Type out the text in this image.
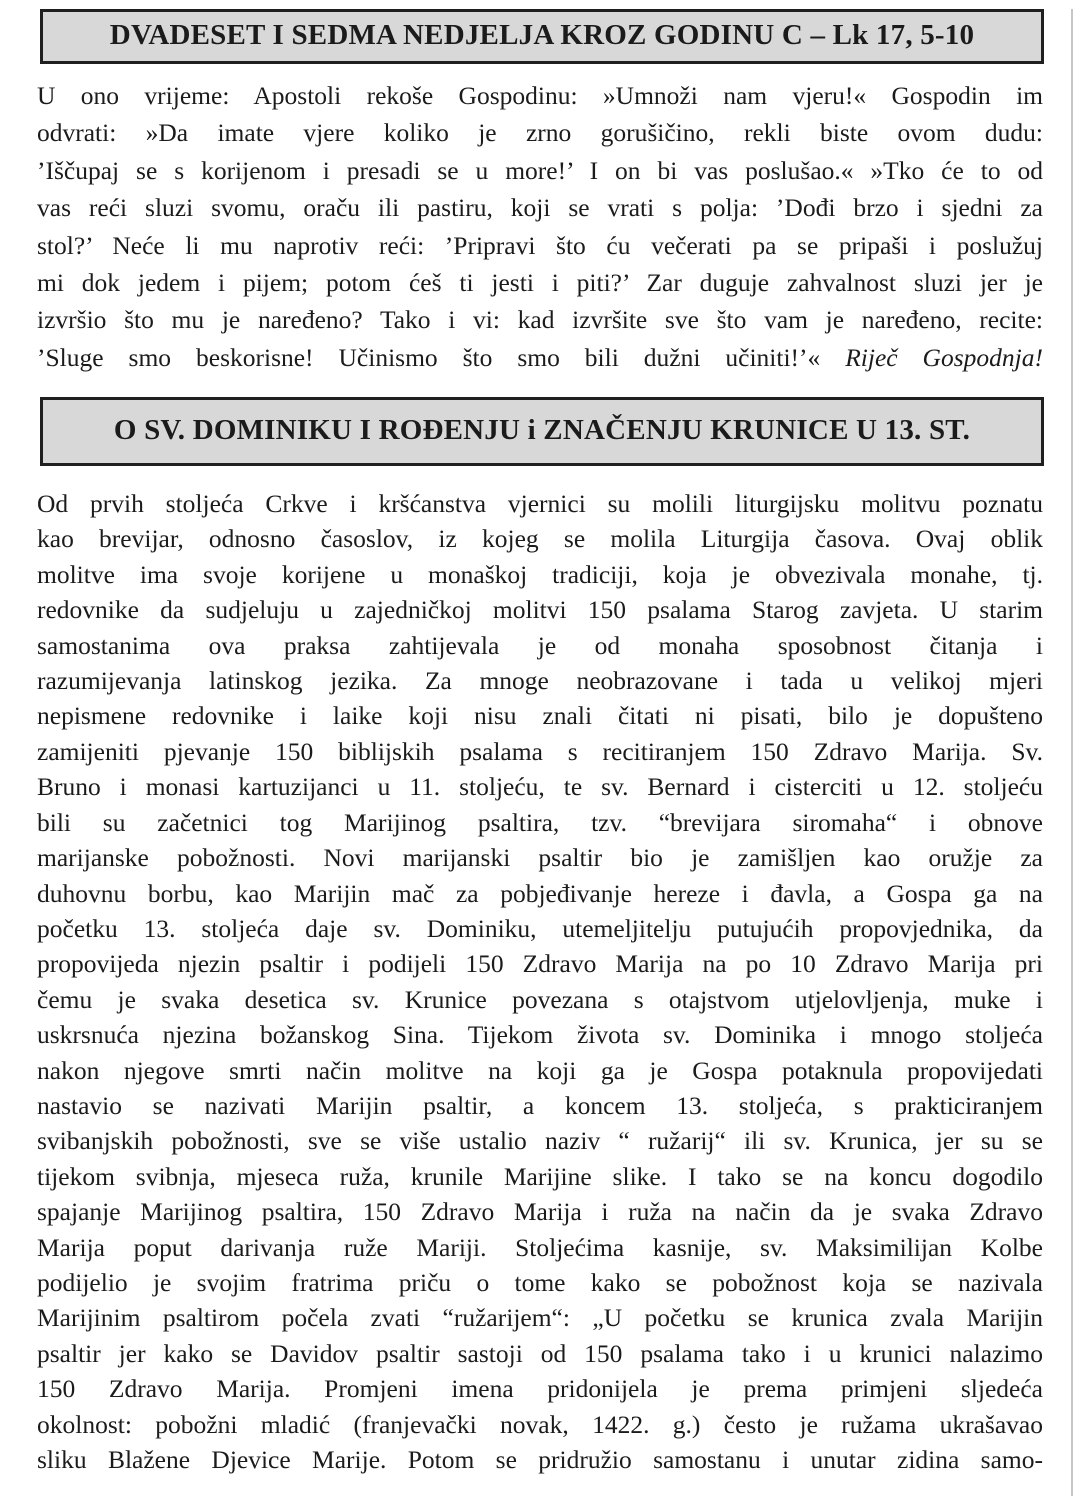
DVADESET I SEDMA NEDJELJA KROZ GODINU C – Lk 17, 5-10
U ono vrijeme: Apostoli rekoše Gospodinu: »Umnoži nam vjeru!« Gospodin im
odvrati: »Da imate vjere koliko je zrno gorušičino, rekli biste ovom dudu:
’Iščupaj se s korijenom i presadi se u more!’ I on bi vas poslušao.« »Tko će to od
vas reći sluzi svomu, oraču ili pastiru, koji se vrati s polja: ’Dođi brzo i sjedni za
stol?’ Neće li mu naprotiv reći: ’Pripravi što ću večerati pa se pripaši i poslužuj
mi dok jedem i pijem; potom ćeš ti jesti i piti?’ Zar duguje zahvalnost sluzi jer je
izvršio što mu je naređeno? Tako i vi: kad izvršite sve što vam je naređeno, recite:
’Sluge smo beskorisne! Učinismo što smo bili dužni učiniti!’« Riječ Gospodnja!
O SV. DOMINIKU I ROĐENJU i ZNAČENJU KRUNICE U 13. ST.
Od prvih stoljeća Crkve i kršćanstva vjernici su molili liturgijsku molitvu poznatu
kao brevijar, odnosno časoslov, iz kojeg se molila Liturgija časova. Ovaj oblik
molitve ima svoje korijene u monaškoj tradiciji, koja je obvezivala monahe, tj.
redovnike da sudjeluju u zajedničkoj molitvi 150 psalama Starog zavjeta. U starim
samostanima ova praksa zahtijevala je od monaha sposobnost čitanja i
razumijevanja latinskog jezika. Za mnoge neobrazovane i tada u velikoj mjeri
nepismene redovnike i laike koji nisu znali čitati ni pisati, bilo je dopušteno
zamijeniti pjevanje 150 biblijskih psalama s recitiranjem 150 Zdravo Marija. Sv.
Bruno i monasi kartuzijanci u 11. stoljeću, te sv. Bernard i cisterciti u 12. stoljeću
bili su začetnici tog Marijinog psaltira, tzv. “brevijara siromaha“ i obnove
marijanske pobožnosti. Novi marijanski psaltir bio je zamišljen kao oružje za
duhovnu borbu, kao Marijin mač za pobjeđivanje hereze i đavla, a Gospa ga na
početku 13. stoljeća daje sv. Dominiku, utemeljitelju putujućih propovjednika, da
propovijeda njezin psaltir i podijeli 150 Zdravo Marija na po 10 Zdravo Marija pri
čemu je svaka desetica sv. Krunice povezana s otajstvom utjelovljenja, muke i
uskrsnuća njezina božanskog Sina. Tijekom života sv. Dominika i mnogo stoljeća
nakon njegove smrti način molitve na koji ga je Gospa potaknula propovijedati
nastavio se nazivati Marijin psaltir, a koncem 13. stoljeća, s prakticiranjem
svibanjskih pobožnosti, sve se više ustalio naziv “ ružarij“ ili sv. Krunica, jer su se
tijekom svibnja, mjeseca ruža, krunile Marijine slike. I tako se na koncu dogodilo
spajanje Marijinog psaltira, 150 Zdravo Marija i ruža na način da je svaka Zdravo
Marija poput darivanja ruže Mariji. Stoljećima kasnije, sv. Maksimilijan Kolbe
podijelio je svojim fratrima priču o tome kako se pobožnost koja se nazivala
Marijinim psaltirom počela zvati “ružarijem“: „U početku se krunica zvala Marijin
psaltir jer kako se Davidov psaltir sastoji od 150 psalama tako i u krunici nalazimo
150 Zdravo Marija. Promjeni imena pridonijela je prema primjeni sljedeća
okolnost: pobožni mladić (franjevački novak, 1422. g.) često je ružama ukrašavao
sliku Blažene Djevice Marije. Potom se pridružio samostanu i unutar zidina samo-
